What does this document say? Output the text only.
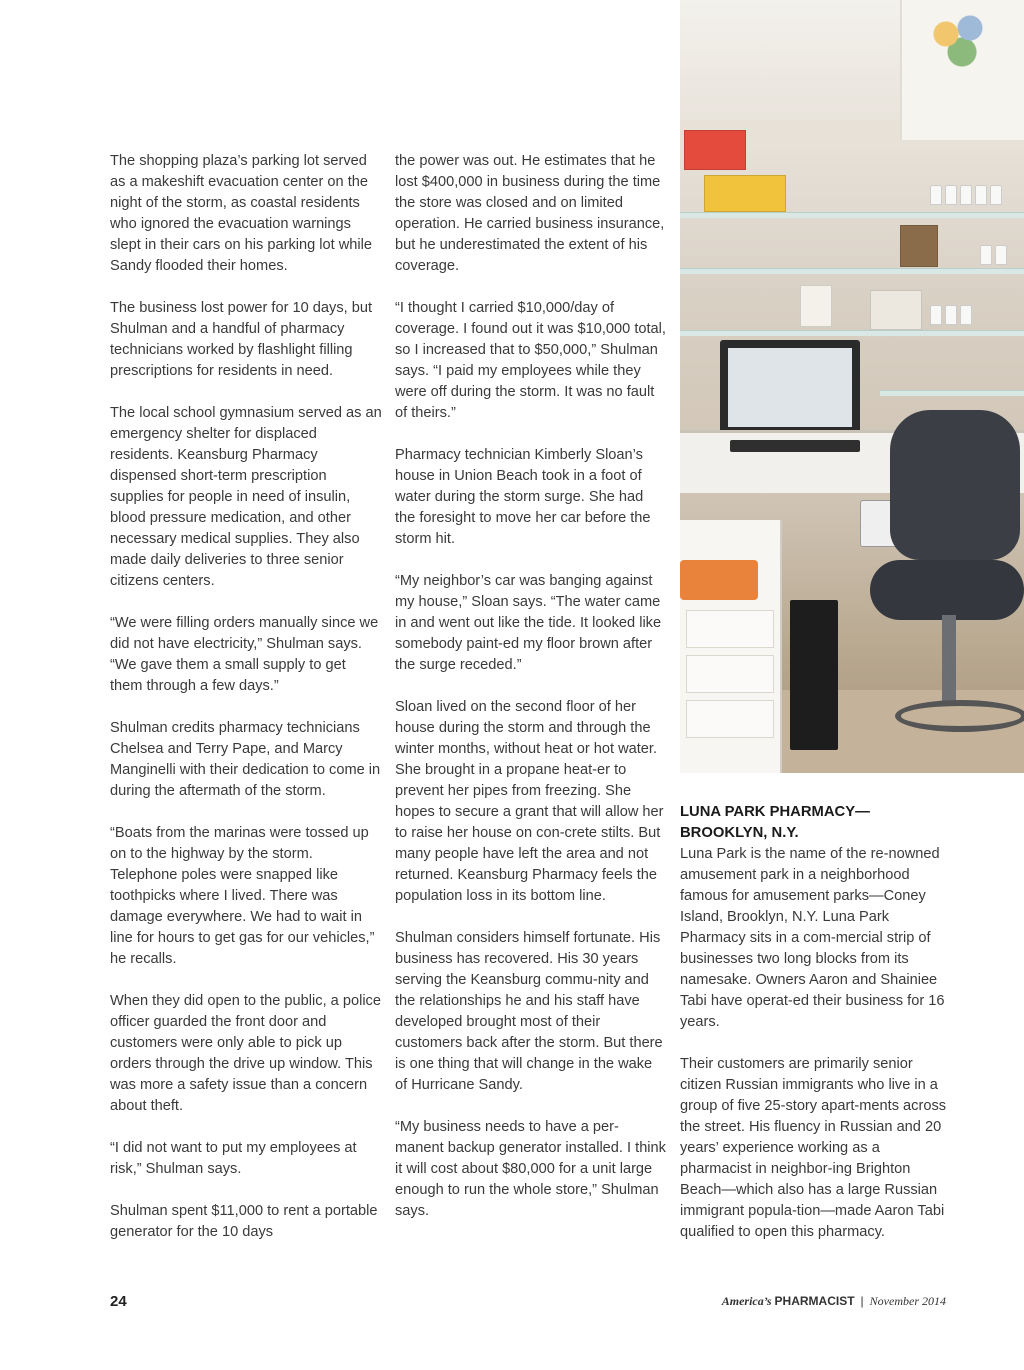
The shopping plaza’s parking lot served as a makeshift evacuation center on the night of the storm, as coastal residents who ignored the evacuation warnings slept in their cars on his parking lot while Sandy flooded their homes.

The business lost power for 10 days, but Shulman and a handful of pharmacy technicians worked by flashlight filling prescriptions for residents in need.

The local school gymnasium served as an emergency shelter for displaced residents. Keansburg Pharmacy dispensed short-term prescription supplies for people in need of insulin, blood pressure medication, and other necessary medical supplies. They also made daily deliveries to three senior citizens centers.

“We were filling orders manually since we did not have electricity,” Shulman says. “We gave them a small supply to get them through a few days.”

Shulman credits pharmacy technicians Chelsea and Terry Pape, and Marcy Manginelli with their dedication to come in during the aftermath of the storm.

“Boats from the marinas were tossed up on to the highway by the storm. Telephone poles were snapped like toothpicks where I lived. There was damage everywhere. We had to wait in line for hours to get gas for our vehicles,” he recalls.

When they did open to the public, a police officer guarded the front door and customers were only able to pick up orders through the drive up window. This was more a safety issue than a concern about theft.

“I did not want to put my employees at risk,” Shulman says.

Shulman spent $11,000 to rent a portable generator for the 10 days

the power was out. He estimates that he lost $400,000 in business during the time the store was closed and on limited operation. He carried business insurance, but he underestimated the extent of his coverage.

“I thought I carried $10,000/day of coverage. I found out it was $10,000 total, so I increased that to $50,000,” Shulman says. “I paid my employees while they were off during the storm. It was no fault of theirs.”

Pharmacy technician Kimberly Sloan’s house in Union Beach took in a foot of water during the storm surge. She had the foresight to move her car before the storm hit.

“My neighbor’s car was banging against my house,” Sloan says. “The water came in and went out like the tide. It looked like somebody paint-ed my floor brown after the surge receded.”

Sloan lived on the second floor of her house during the storm and through the winter months, without heat or hot water. She brought in a propane heat-er to prevent her pipes from freezing. She hopes to secure a grant that will allow her to raise her house on con-crete stilts. But many people have left the area and not returned. Keansburg Pharmacy feels the population loss in its bottom line.

Shulman considers himself fortunate. His business has recovered. His 30 years serving the Keansburg commu-nity and the relationships he and his staff have developed brought most of their customers back after the storm. But there is one thing that will change in the wake of Hurricane Sandy.

“My business needs to have a per-manent backup generator installed. I think it will cost about $80,000 for a unit large enough to run the whole store,” Shulman says.

LUNA PARK PHARMACY—
BROOKLYN, N.Y.

Luna Park is the name of the re-nowned amusement park in a neighborhood famous for amusement parks—Coney Island, Brooklyn, N.Y. Luna Park Pharmacy sits in a com-mercial strip of businesses two long blocks from its namesake. Owners Aaron and Shainiee Tabi have operat-ed their business for 16 years.

Their customers are primarily senior citizen Russian immigrants who live in a group of five 25-story apart-ments across the street. His fluency in Russian and 20 years’ experience working as a pharmacist in neighbor-ing Brighton Beach—which also has a large Russian immigrant popula-tion—made Aaron Tabi qualified to open this pharmacy.

24	America’s PHARMACIST | November 2014
